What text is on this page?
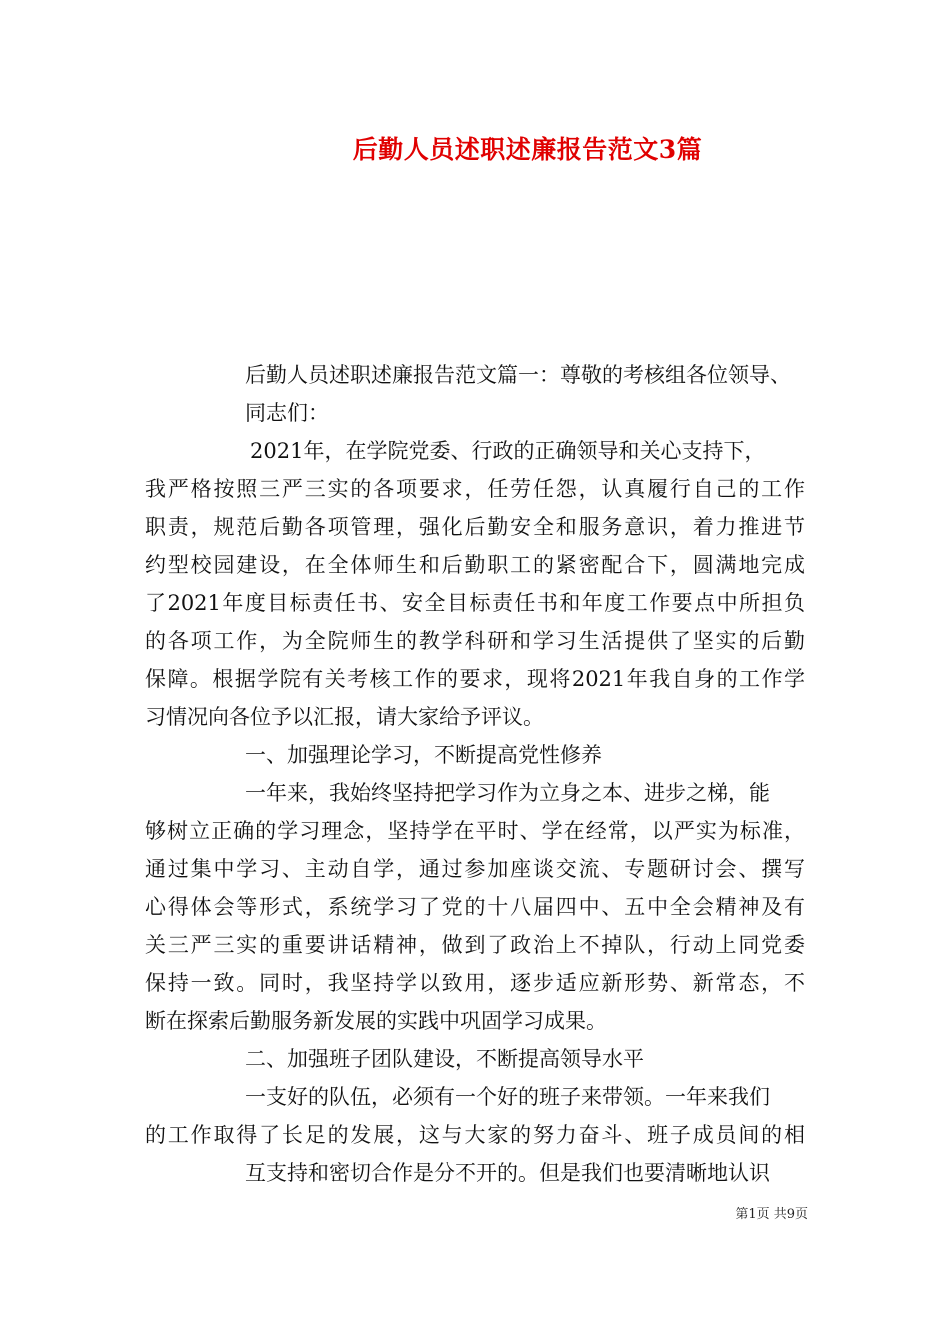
后勤人员述职述廉报告范文3篇

后勤人员述职述廉报告范文篇一：尊敬的考核组各位领导、

同志们：

2021年，在学院党委、行政的正确领导和关心支持下，

我严格按照三严三实的各项要求，任劳任怨，认真履行自己的工作

职责，规范后勤各项管理，强化后勤安全和服务意识，着力推进节

约型校园建设，在全体师生和后勤职工的紧密配合下，圆满地完成

了2021年度目标责任书、安全目标责任书和年度工作要点中所担负

的各项工作，为全院师生的教学科研和学习生活提供了坚实的后勤

保障。根据学院有关考核工作的要求，现将2021年我自身的工作学

习情况向各位予以汇报，请大家给予评议。

一、加强理论学习，不断提高党性修养

一年来，我始终坚持把学习作为立身之本、进步之梯，能

够树立正确的学习理念，坚持学在平时、学在经常，以严实为标准，

通过集中学习、主动自学，通过参加座谈交流、专题研讨会、撰写

心得体会等形式，系统学习了党的十八届四中、五中全会精神及有

关三严三实的重要讲话精神，做到了政治上不掉队，行动上同党委

保持一致。同时，我坚持学以致用，逐步适应新形势、新常态，不

断在探索后勤服务新发展的实践中巩固学习成果。

二、加强班子团队建设，不断提高领导水平

一支好的队伍，必须有一个好的班子来带领。一年来我们

的工作取得了长足的发展，这与大家的努力奋斗、班子成员间的相

互支持和密切合作是分不开的。但是我们也要清晰地认识

第1页 共9页
